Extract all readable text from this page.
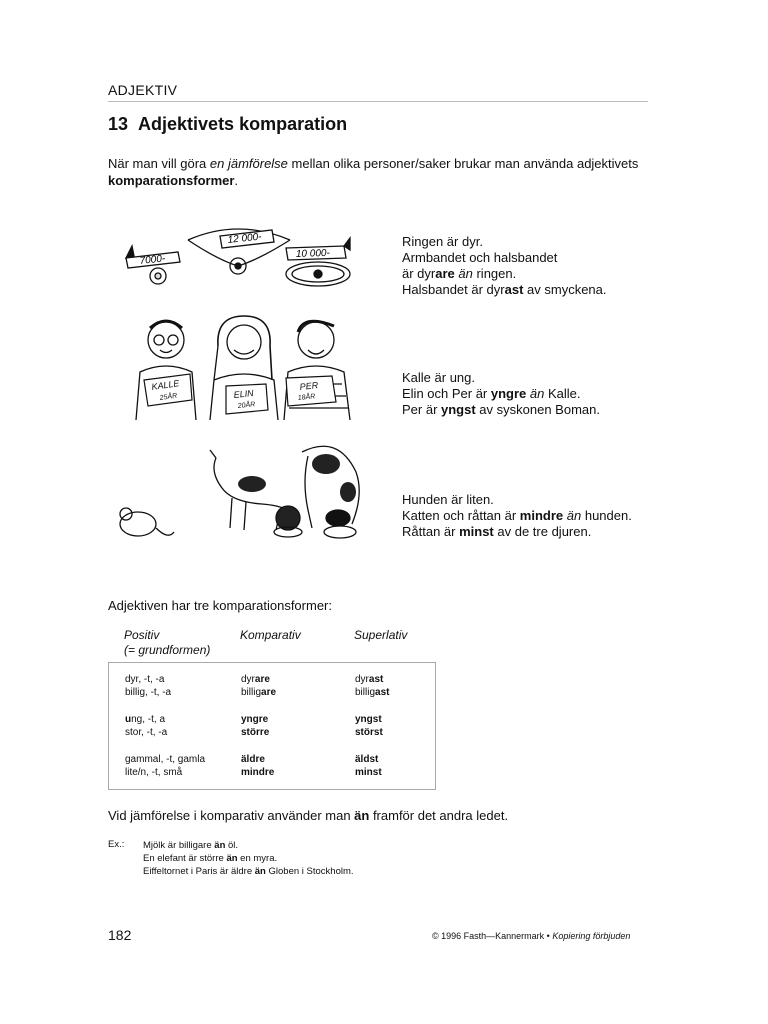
ADJEKTIV
13 Adjektivets komparation
När man vill göra en jämförelse mellan olika personer/saker brukar man använda adjektivets
komparationsformer.
7000-
12 000-
10 000-
Ringen är dyr.
Armbandet och halsbandet
är dyrare än ringen.
Halsbandet är dyrast av smyckena.
KALLE
25ÅR	ELIN
20ÅR
PER
18ÅR
Kalle är ung.
Elin och Per är yngre än Kalle.
Per är yngst av syskonen Boman.
Hunden är liten.
Katten och råttan är mindre än hunden.
Råttan är minst av de tre djuren.
Adjektiven har tre komparationsformer:
Positiv
(= grundformen)
Komparativ	Superlativ
dyr, -t, -a	dyrare	dyrast
billig, -t, -a	billigare	billigast
ung, -t, a	yngre	yngst
stor, -t, -a	större	störst
gammal, -t, gamla	äldre	äldst
lite/n, -t, små	mindre	minst
Vid jämförelse i komparativ använder man än framför det andra ledet.
Ex.: Mjölk är billigare än öl.
En elefant är större än en myra.
Eiffeltornet i Paris är äldre än Globen i Stockholm.
182	© 1996 Fasth—Kannermark • Kopiering förbjuden
